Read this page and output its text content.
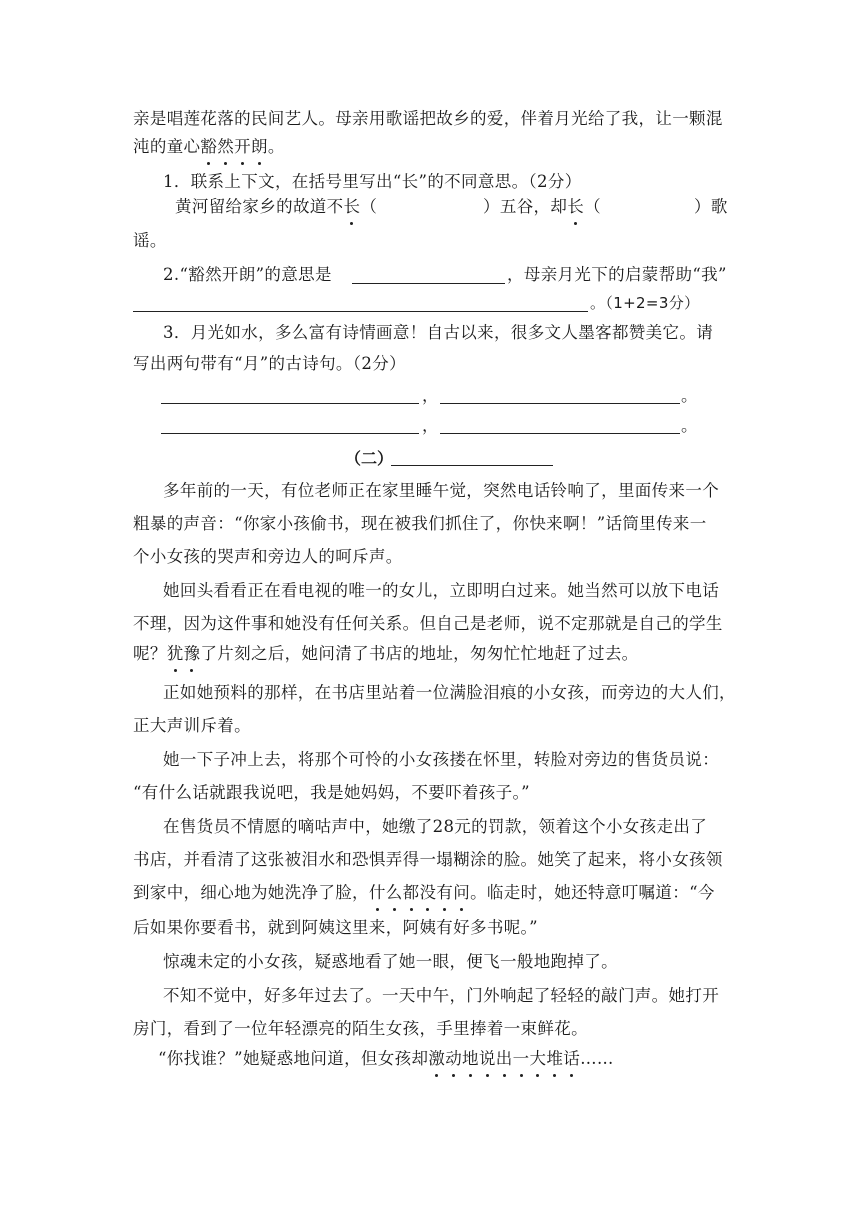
亲是唱莲花落的民间艺人。母亲用歌谣把故乡的爱，伴着月光给了我，让一颗混
沌的童心豁然开朗。
1．联系上下文，在括号里写出“长”的不同意思。（2分）
黄河留给家乡的故道不长（	）五谷，却长（	）歌
谣。
2.“豁然开朗”的意思是	，母亲月光下的启蒙帮助“我”
。（1+2=3分）
3．月光如水，多么富有诗情画意！自古以来，很多文人墨客都赞美它。请
写出两句带有“月”的古诗句。（2分）
，	。
，	。
（二）
多年前的一天，有位老师正在家里睡午觉，突然电话铃响了，里面传来一个
粗暴的声音：“你家小孩偷书，现在被我们抓住了，你快来啊！”话筒里传来一
个小女孩的哭声和旁边人的呵斥声。
她回头看看正在看电视的唯一的女儿，立即明白过来。她当然可以放下电话
不理，因为这件事和她没有任何关系。但自己是老师，说不定那就是自己的学生
呢？犹豫了片刻之后，她问清了书店的地址，匆匆忙忙地赶了过去。
正如她预料的那样，在书店里站着一位满脸泪痕的小女孩，而旁边的大人们，
正大声训斥着。
她一下子冲上去，将那个可怜的小女孩搂在怀里，转脸对旁边的售货员说：
“有什么话就跟我说吧，我是她妈妈，不要吓着孩子。”
在售货员不情愿的嘀咕声中，她缴了28元的罚款，领着这个小女孩走出了
书店，并看清了这张被泪水和恐惧弄得一塌糊涂的脸。她笑了起来，将小女孩领
到家中，细心地为她洗净了脸，什么都没有问。临走时，她还特意叮嘱道：“今
后如果你要看书，就到阿姨这里来，阿姨有好多书呢。”
惊魂未定的小女孩，疑惑地看了她一眼，便飞一般地跑掉了。
不知不觉中，好多年过去了。一天中午，门外响起了轻轻的敲门声。她打开
房门，看到了一位年轻漂亮的陌生女孩，手里捧着一束鲜花。
“你找谁？”她疑惑地问道，但女孩却激动地说出一大堆话……
